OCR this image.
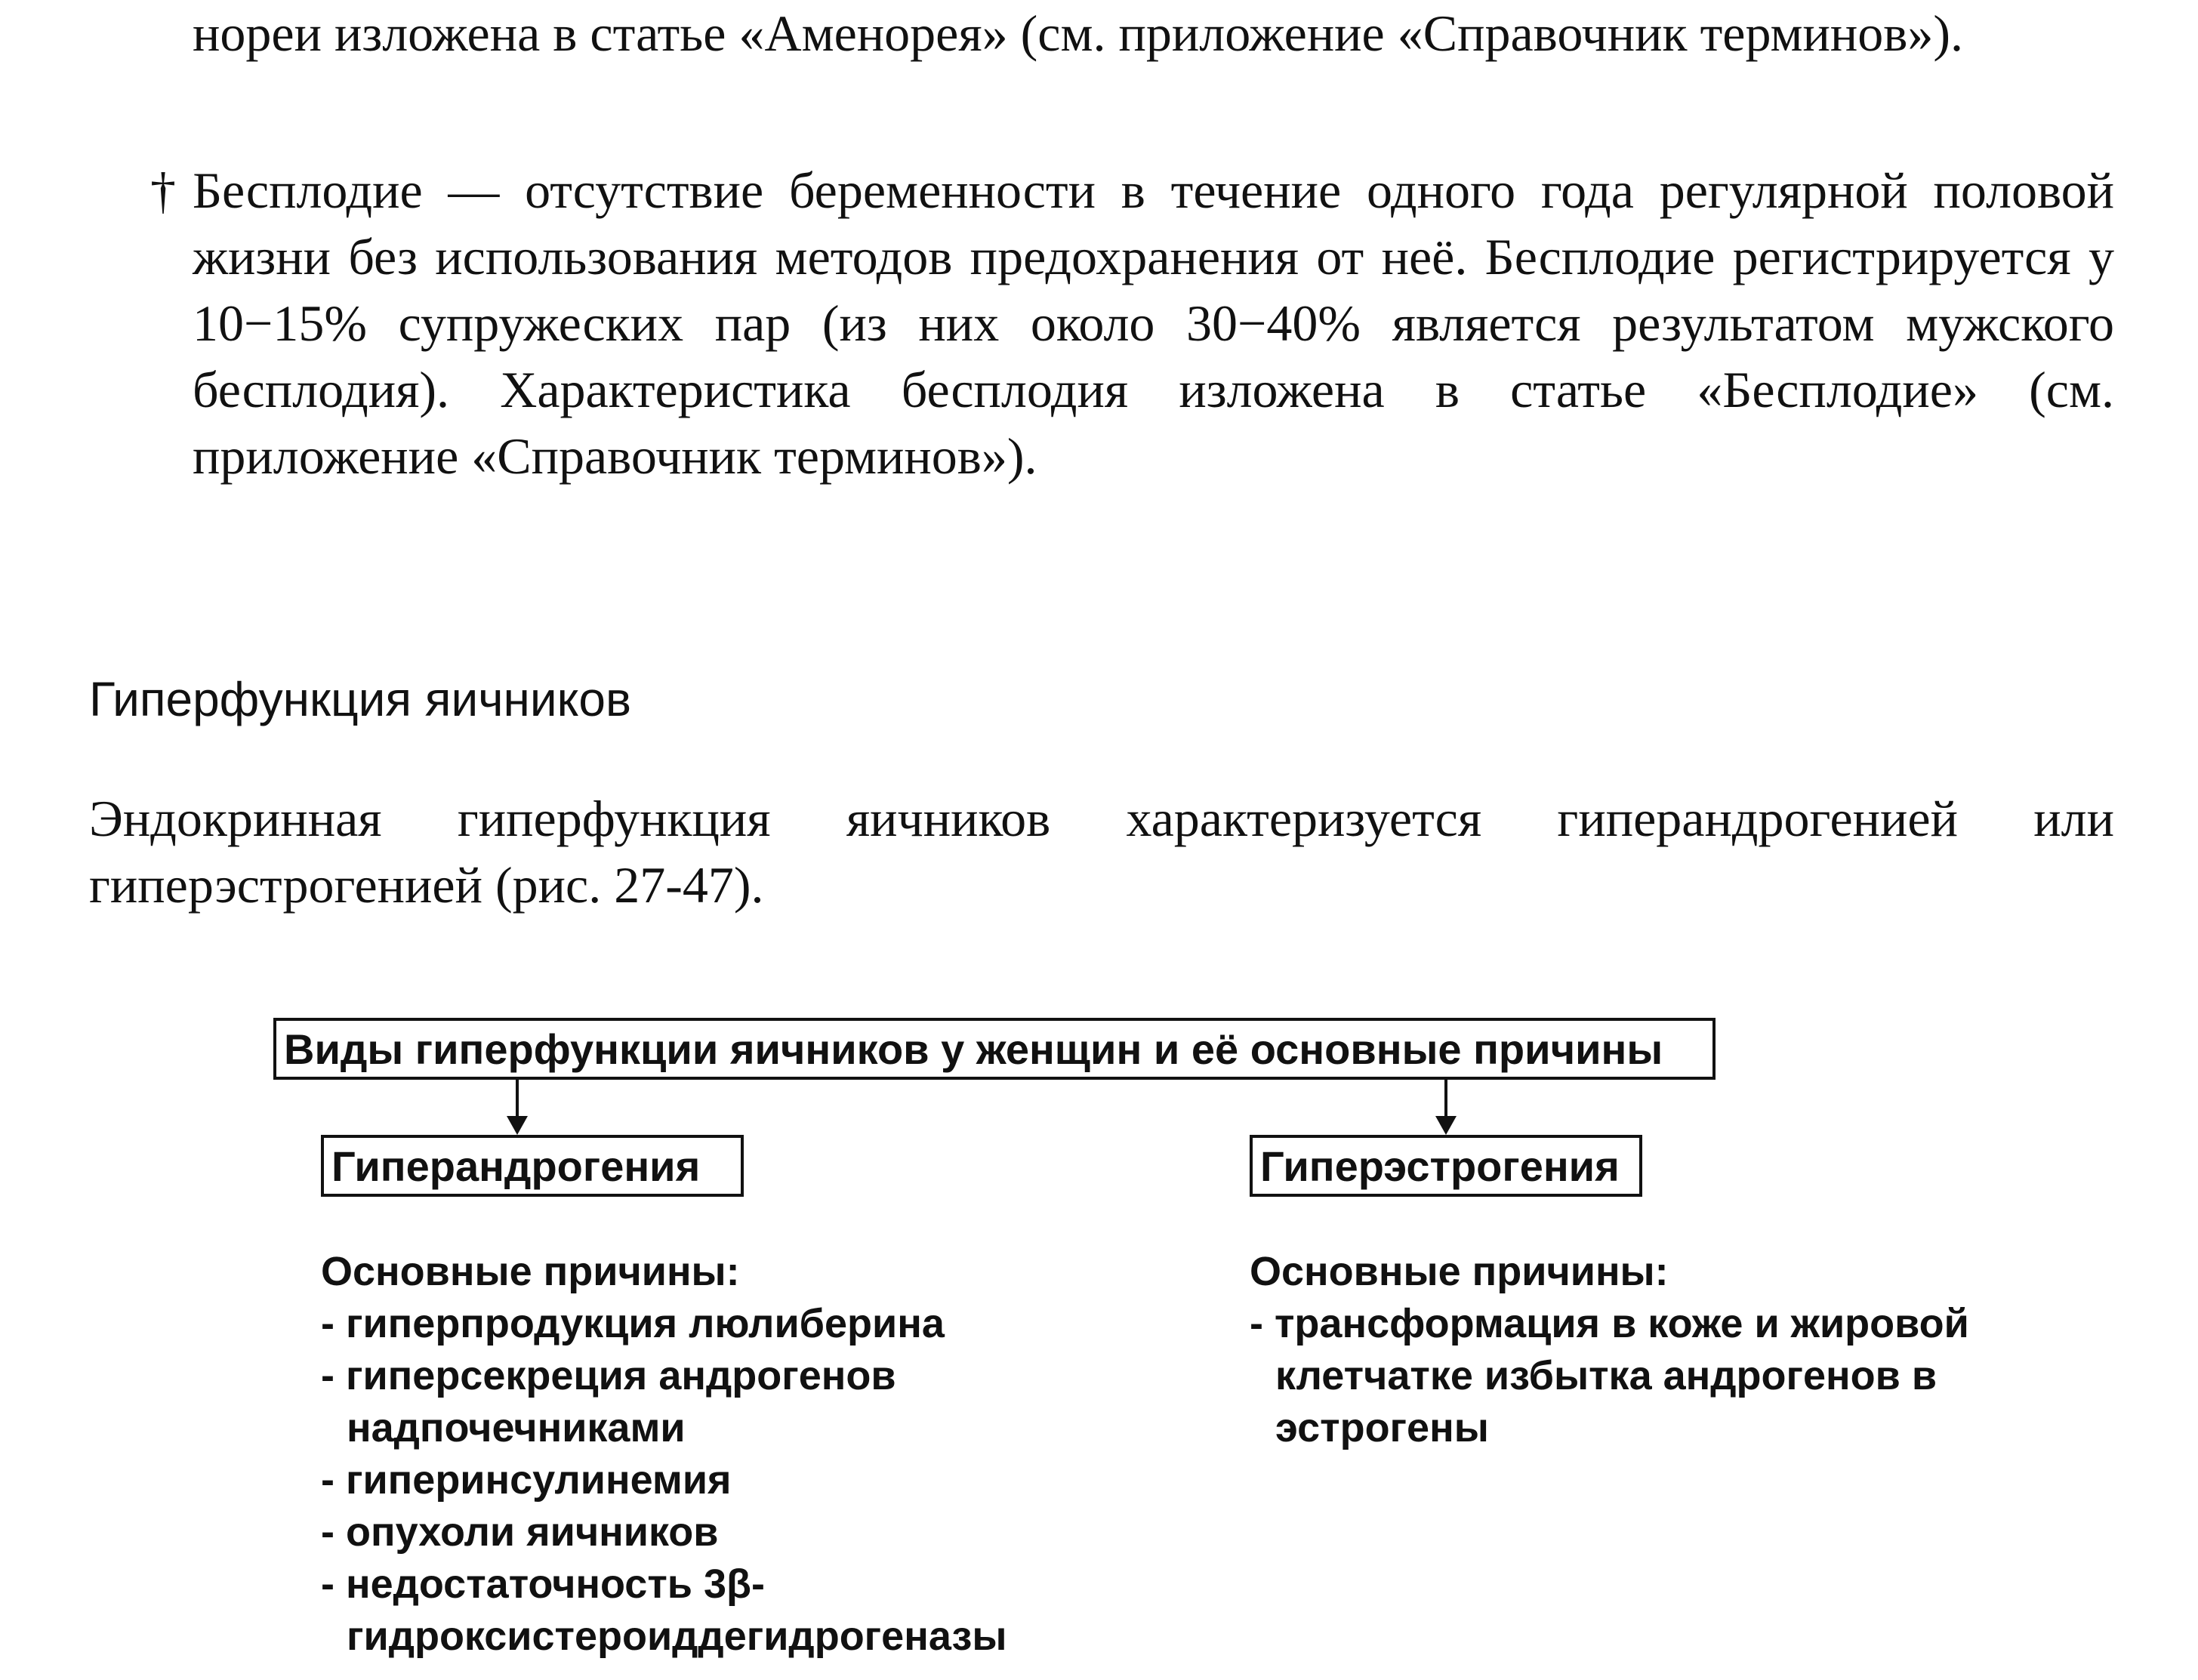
нореи изложена в статье «Аменорея» (см. приложение «Справочник терминов»).

† Бесплодие — отсутствие беременности в течение одного года регулярной половой жизни без использования методов предохранения от неё. Бесплодие регистрируется у 10−15% супружеских пар (из них около 30−40% является результатом мужского бесплодия). Характеристика бесплодия изложена в статье «Бесплодие» (см. приложение «Справочник терминов»).
Гиперфункция яичников

Эндокринная гиперфункция яичников характеризуется гиперандрогенией или гиперэстрогенией (рис. 27-47).

Виды гиперфункции яичников у женщин и её основные причины
Гиперандрогения	Гиперэстрогения
Основные причины:
- гиперпродукция люлиберина
- гиперсекреция андрогенов надпочечниками
- гиперинсулинемия
- опухоли яичников
- недостаточность 3β-гидроксистероиддегидрогеназы
Основные причины:
- трансформация в коже и жировой клетчатке избытка андрогенов в эстрогены
